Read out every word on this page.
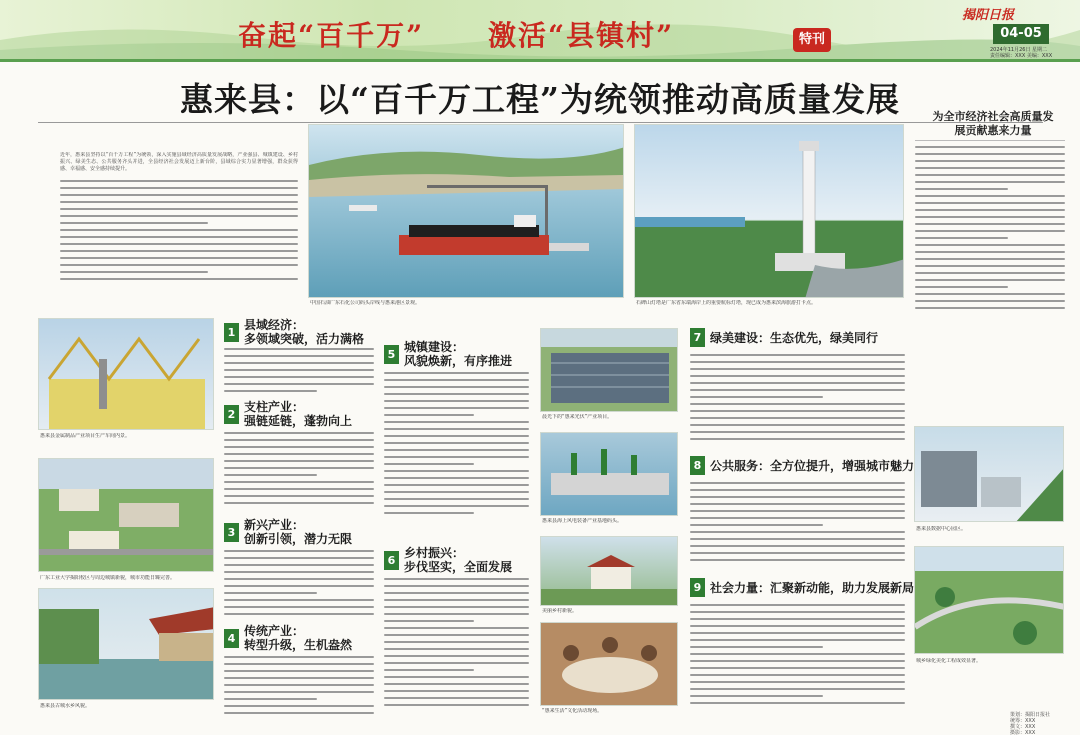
奋起“百千万” 激活“县镇村”	特刊
揭阳日报
04-05
2024年11月26日 星期二
责任编辑：XXX 美编：XXX
惠来县：以“百千万工程”为统领推动高质量发展
近年，惠来县坚持以“百千万工程”为统领，深入实施县域经济高质量发展战略，产业强县、城镇建设、乡村振兴、绿美生态、公共服务齐头并进，全县经济社会发展迈上新台阶，县域综合实力显著增强，群众获得感、幸福感、安全感持续提升。
中国石油广东石化公司码头岸线与惠来港区景观。	石碑山灯塔是广东省东端海岸上的重要航标灯塔，现已成为惠来滨海旅游打卡点。
为全市经济社会高质量发展贡献惠来力量
惠来县金属制品产业项目生产车间内景。
广东工业大学揭阳校区与周边城镇新貌，城市功能日臻完善。
惠来县古城水乡风貌。
1 县域经济：
多领域突破，活力满格
2 支柱产业：
强链延链，蓬勃向上
3 新兴产业：
创新引领，潜力无限
4 传统产业：
转型升级，生机盎然
5 城镇建设：
风貌焕新，有序推进
6 乡村振兴：
步伐坚实，全面发展
晨光下的“惠来光伏”产业项目。
惠来县海上风电装备产业基地码头。
美丽乡村新貌。
“惠来生活”文化活动现场。
7 绿美建设：生态优先，绿美同行
8 公共服务：全方位提升，增强城市魅力
9 社会力量：汇聚新动能，助力发展新局
惠来县数据中心园区。
城乡绿化美化工程成效显著。
策划：揭阳日报社
统筹：XXX
撰文：XXX
摄影：XXX
